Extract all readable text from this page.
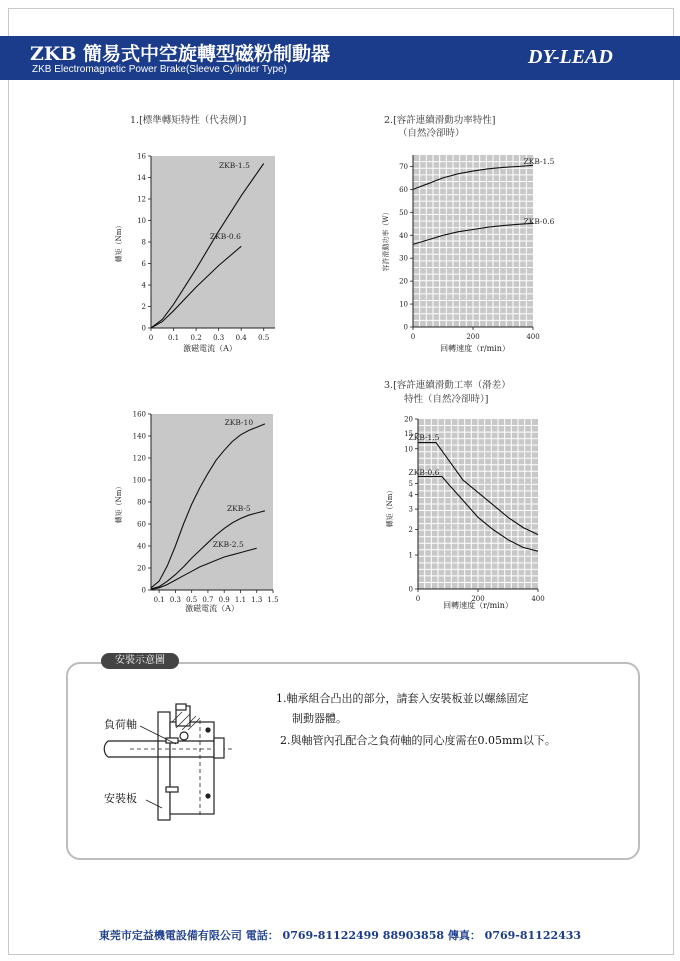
ZKB 簡易式中空旋轉型磁粉制動器
ZKB Electromagnetic Power Brake(Sleeve Cylinder Type)
DY-LEAD
1.[標準轉矩特性（代表例）]	2.[容許連續滑動功率特性]
（自然冷卻時）
3.[容許連續滑動工率（滑差）
特性（自然冷卻時）]
0
2
4
6
8
10
12
14
16
0 0.1 0.2 0.3 0.4 0.5
激磁電流（A）
轉矩（Nm）
ZKB-1.5
ZKB-0.6
0
10
20
30
40
50
60
70
0	200	400
回轉速度（r/min）
容許滑動功率（W）
ZKB-1.5
ZKB-0.6
0
20
40
60
80
100
120
140
160
0.1 0.3 0.5 0.7 0.9 1.1 1.3 1.5
激磁電流（A）
轉矩（Nm）
ZKB-10
ZKB-5
ZKB-2.5
0
1
2
3
4
5
10
15
20
0	200	400
回轉速度（r/min）
轉矩（Nm）
ZKB-1.5
ZKB-0.6
安裝示意圖
負荷軸
安裝板
1.軸承組合凸出的部分，請套入安裝板並以螺絲固定
制動器體。
2.與軸管內孔配合之負荷軸的同心度需在0.05mm以下。
東莞市定益機電設備有限公司 電話： 0769-81122499 88903858 傳真： 0769-81122433
